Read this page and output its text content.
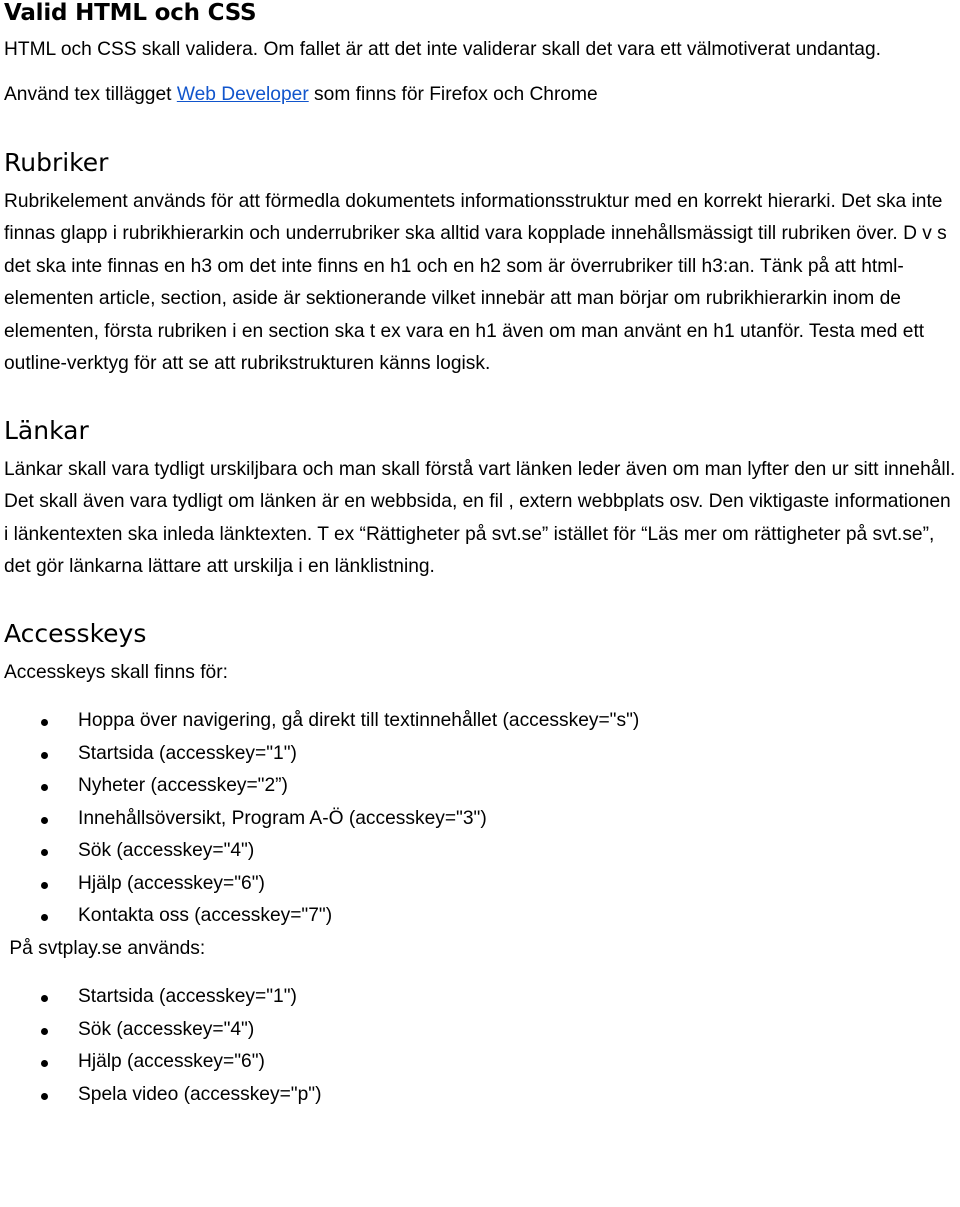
Valid HTML och CSS

HTML och CSS skall validera. Om fallet är att det inte validerar skall det vara ett välmotiverat undantag.

Använd tex tillägget Web Developer som finns för Firefox och Chrome

Rubriker

Rubrikelement används för att förmedla dokumentets informationsstruktur med en korrekt hierarki. Det ska inte finnas glapp i rubrikhierarkin och underrubriker ska alltid vara kopplade innehållsmässigt till rubriken över. D v s det ska inte finnas en h3 om det inte finns en h1 och en h2 som är överrubriker till h3:an. Tänk på att html-elementen article, section, aside är sektionerande vilket innebär att man börjar om rubrikhierarkin inom de elementen, första rubriken i en section ska t ex vara en h1 även om man använt en h1 utanför. Testa med ett outline-verktyg för att se att rubrikstrukturen känns logisk.

Länkar

Länkar skall vara tydligt urskiljbara och man skall förstå vart länken leder även om man lyfter den ur sitt innehåll. Det skall även vara tydligt om länken är en webbsida, en fil , extern webbplats osv. Den viktigaste informationen i länkentexten ska inleda länktexten. T ex “Rättigheter på svt.se” istället för “Läs mer om rättigheter på svt.se”, det gör länkarna lättare att urskilja i en länklistning.

Accesskeys

Accesskeys skall finns för:

Hoppa över navigering, gå direkt till textinnehållet (accesskey="s")
Startsida (accesskey="1")
Nyheter (accesskey="2”)
Innehållsöversikt, Program A-Ö (accesskey="3")
Sök (accesskey="4")
Hjälp (accesskey="6")
Kontakta oss (accesskey="7")

På svtplay.se används:

Startsida (accesskey="1")
Sök (accesskey="4")
Hjälp (accesskey="6")
Spela video (accesskey="p")
